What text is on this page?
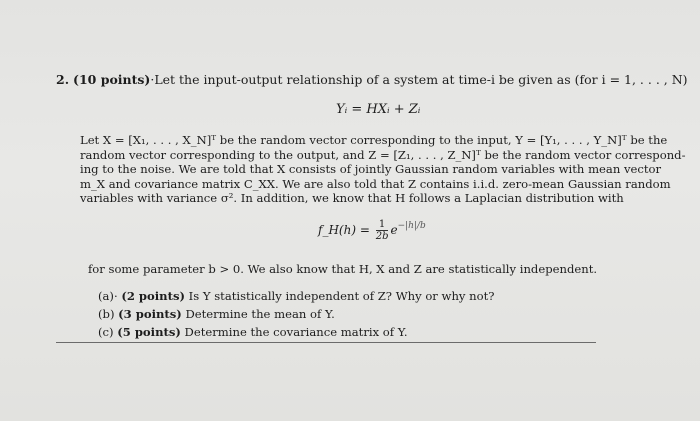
2. (10 points)·Let the input-output relationship of a system at time-i be given as (for i = 1, . . . , N)
Yᵢ = HXᵢ + Zᵢ
Let X = [X₁, . . . , X_N]ᵀ be the random vector corresponding to the input, Y = [Y₁, . . . , Y_N]ᵀ be the
random vector corresponding to the output, and Z = [Z₁, . . . , Z_N]ᵀ be the random vector correspond-
ing to the noise. We are told that X consists of jointly Gaussian random variables with mean vector
m_X and covariance matrix C_XX. We are also told that Z contains i.i.d. zero-mean Gaussian random
variables with variance σ². In addition, we know that H follows a Laplacian distribution with
f_H(h) = $\frac{1}{2b} e^{-|h|/b}$
for some parameter b > 0. We also know that H, X and Z are statistically independent.
(a)· (2 points) Is Y statistically independent of Z? Why or why not?
(b) (3 points) Determine the mean of Y.
(c) (5 points) Determine the covariance matrix of Y.
